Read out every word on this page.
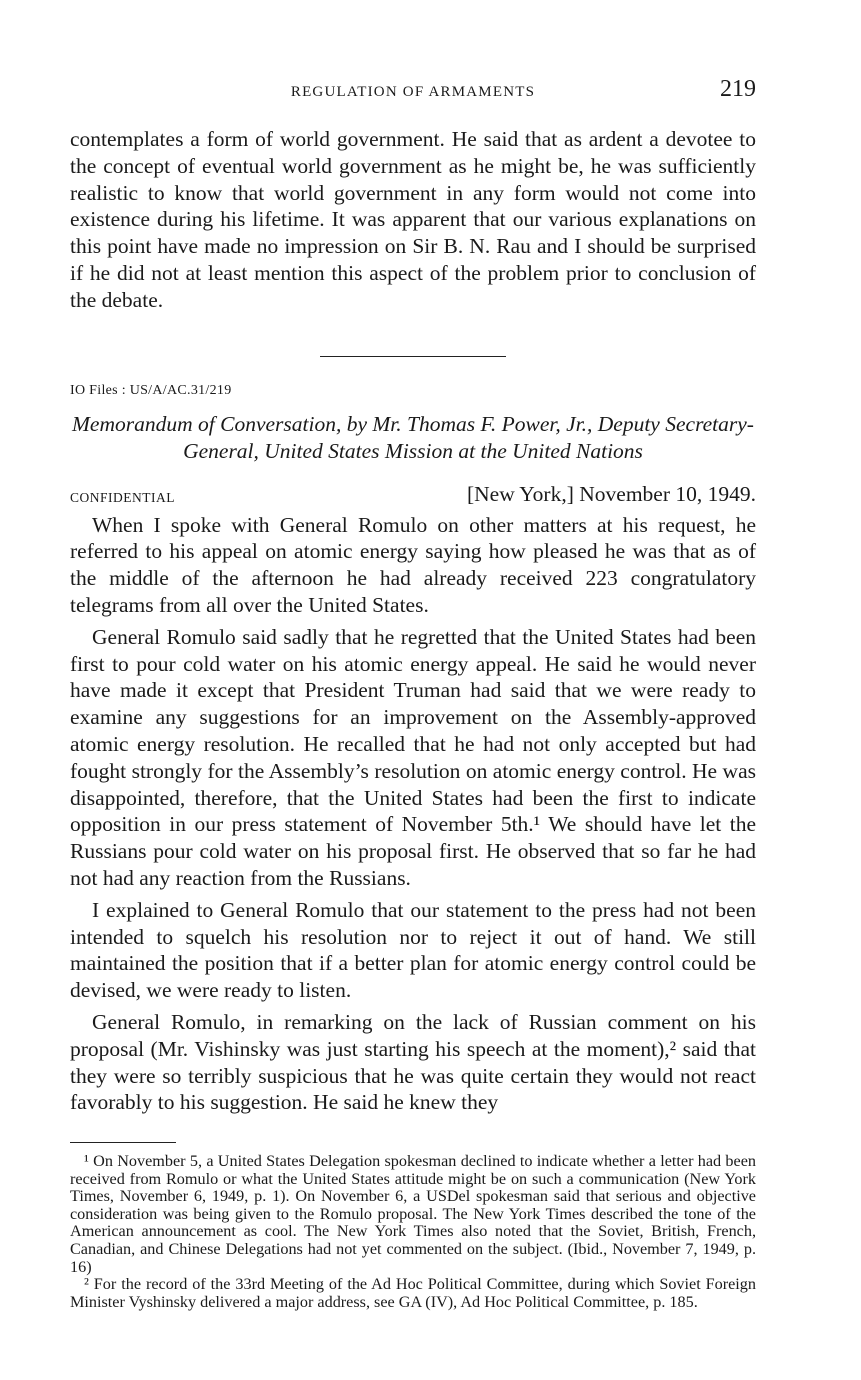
REGULATION OF ARMAMENTS	219

contemplates a form of world government. He said that as ardent a devotee to the concept of eventual world government as he might be, he was sufficiently realistic to know that world government in any form would not come into existence during his lifetime. It was apparent that our various explanations on this point have made no impression on Sir B. N. Rau and I should be surprised if he did not at least mention this aspect of the problem prior to conclusion of the debate.

IO Files : US/A/AC.31/219
Memorandum of Conversation, by Mr. Thomas F. Power, Jr., Deputy Secretary-General, United States Mission at the United Nations
CONFIDENTIAL	[New York,] November 10, 1949.

When I spoke with General Romulo on other matters at his request, he referred to his appeal on atomic energy saying how pleased he was that as of the middle of the afternoon he had already received 223 congratulatory telegrams from all over the United States.

General Romulo said sadly that he regretted that the United States had been first to pour cold water on his atomic energy appeal. He said he would never have made it except that President Truman had said that we were ready to examine any suggestions for an improvement on the Assembly-approved atomic energy resolution. He recalled that he had not only accepted but had fought strongly for the Assembly’s resolution on atomic energy control. He was disappointed, therefore, that the United States had been the first to indicate opposition in our press statement of November 5th.¹ We should have let the Russians pour cold water on his proposal first. He observed that so far he had not had any reaction from the Russians.

I explained to General Romulo that our statement to the press had not been intended to squelch his resolution nor to reject it out of hand. We still maintained the position that if a better plan for atomic energy control could be devised, we were ready to listen.

General Romulo, in remarking on the lack of Russian comment on his proposal (Mr. Vishinsky was just starting his speech at the moment),² said that they were so terribly suspicious that he was quite certain they would not react favorably to his suggestion. He said he knew they

¹ On November 5, a United States Delegation spokesman declined to indicate whether a letter had been received from Romulo or what the United States attitude might be on such a communication (New York Times, November 6, 1949, p. 1). On November 6, a USDel spokesman said that serious and objective consideration was being given to the Romulo proposal. The New York Times described the tone of the American announcement as cool. The New York Times also noted that the Soviet, British, French, Canadian, and Chinese Delegations had not yet commented on the subject. (Ibid., November 7, 1949, p. 16)

² For the record of the 33rd Meeting of the Ad Hoc Political Committee, during which Soviet Foreign Minister Vyshinsky delivered a major address, see GA (IV), Ad Hoc Political Committee, p. 185.
